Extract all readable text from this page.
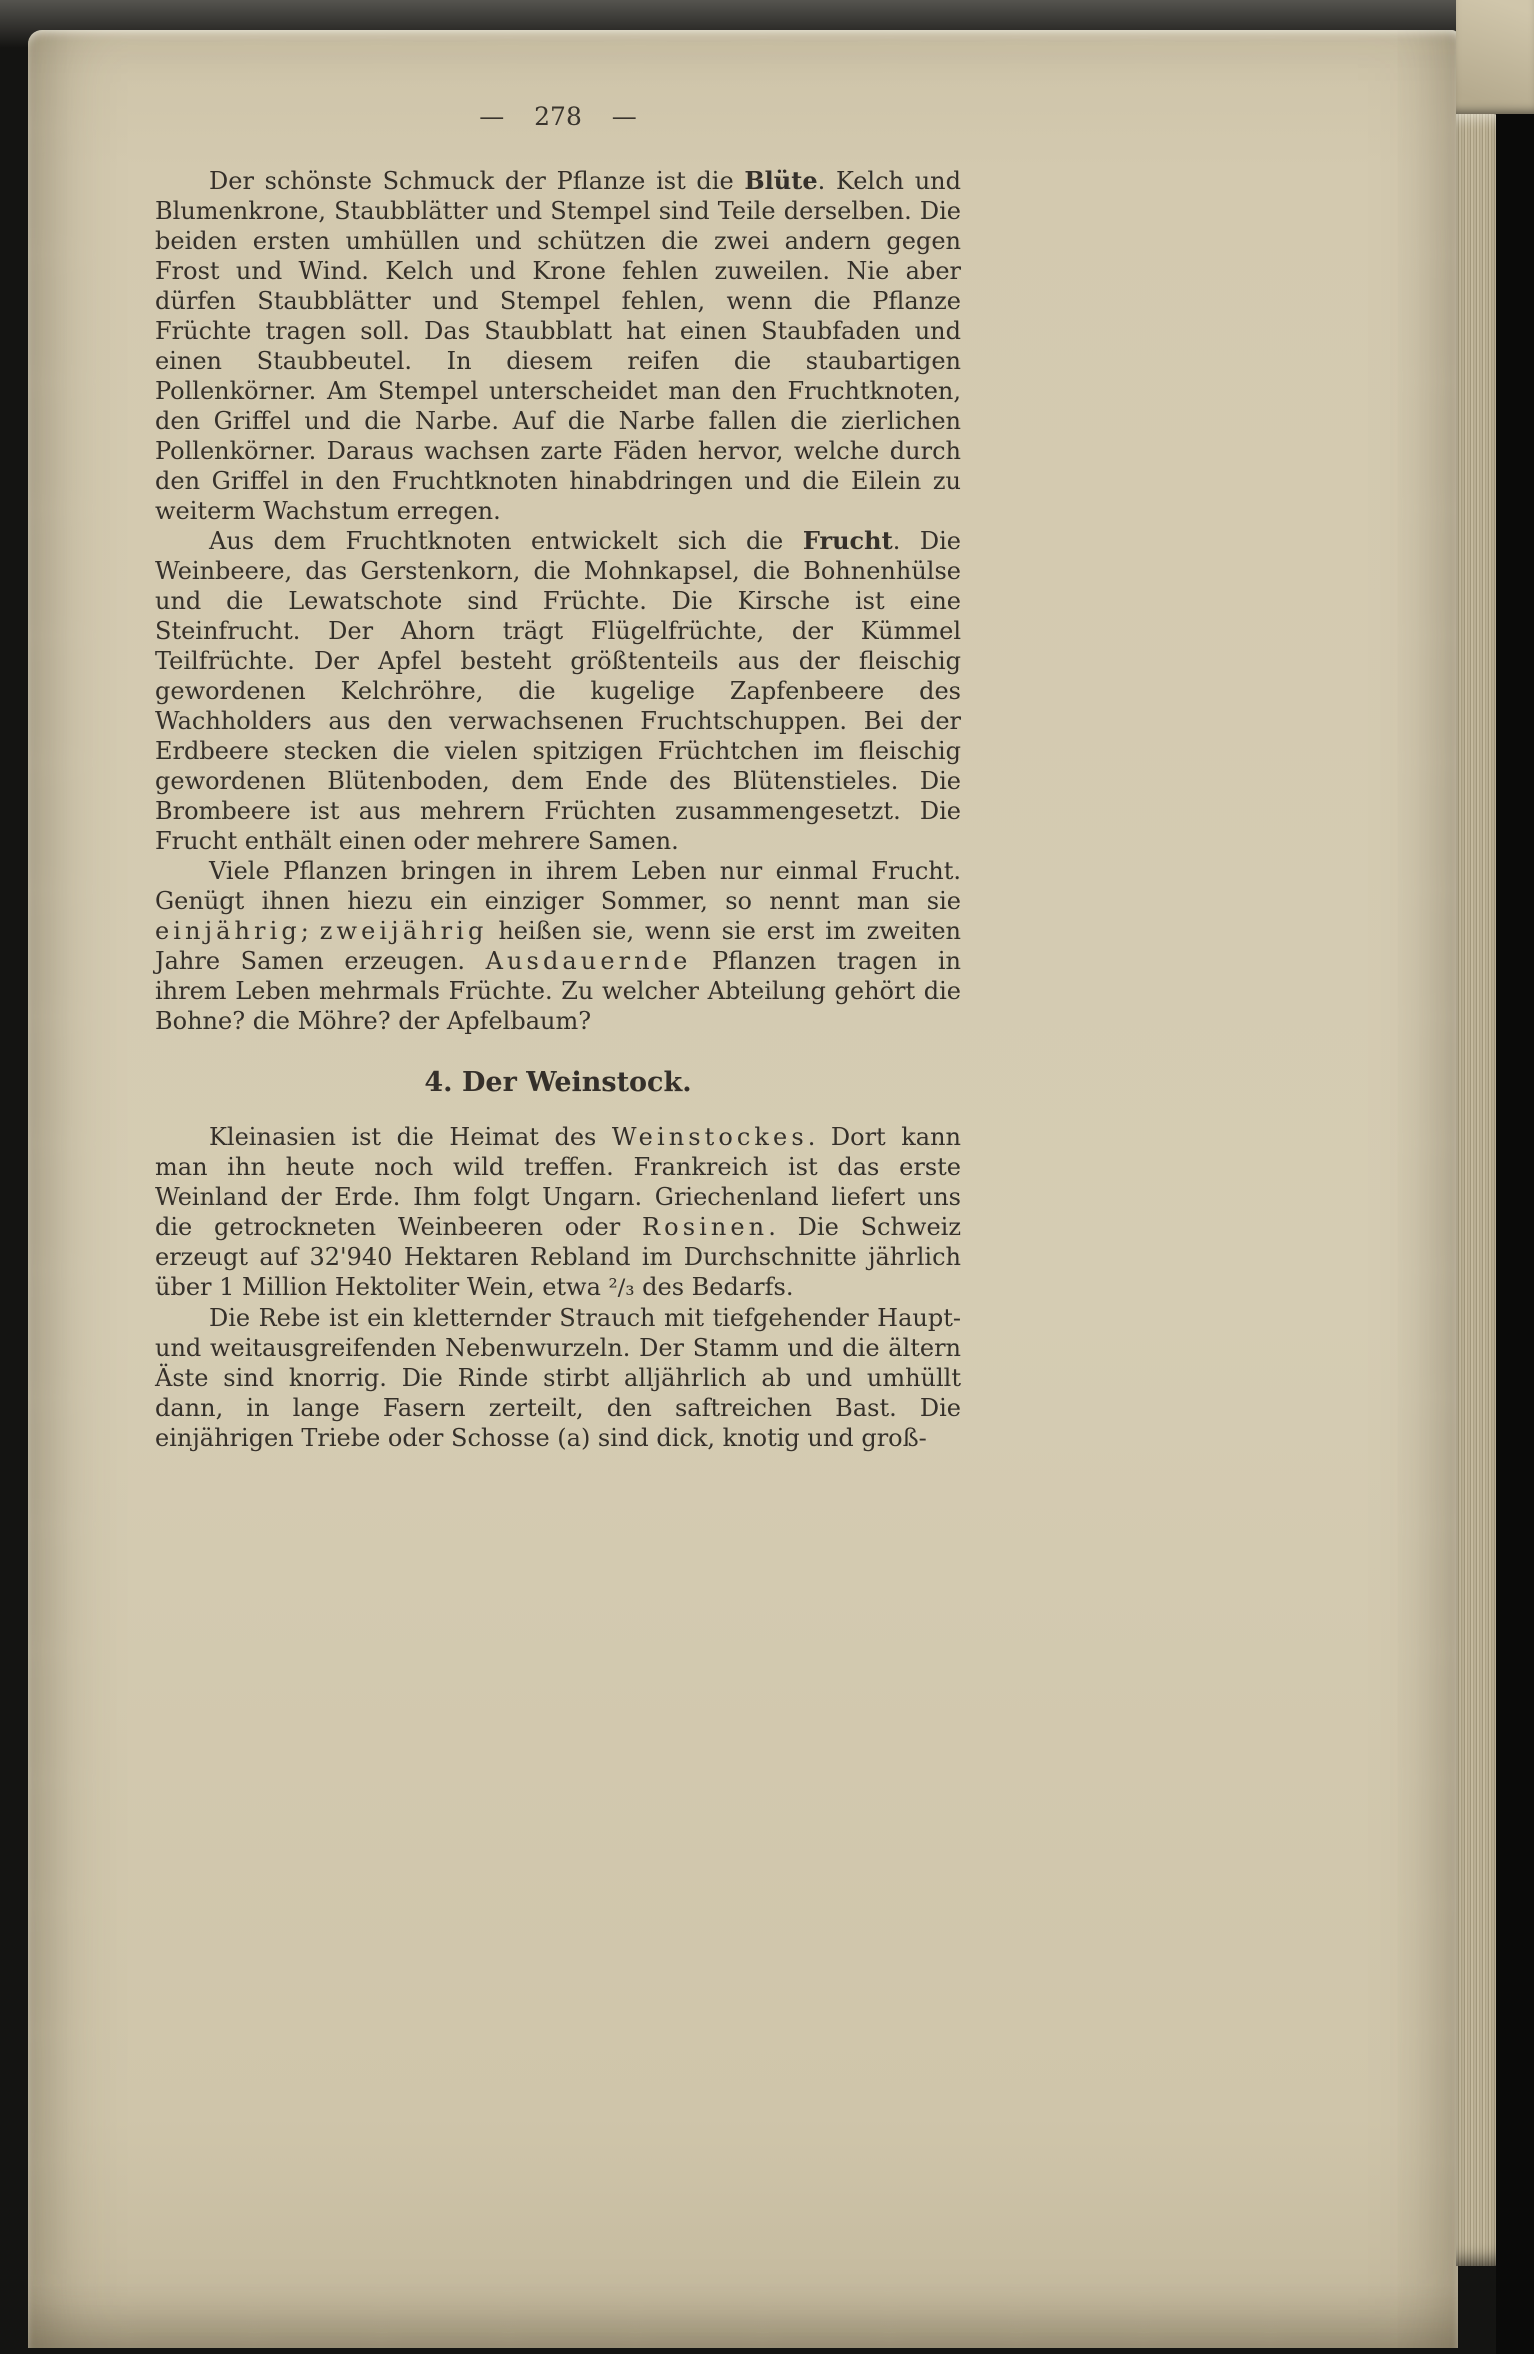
— 278 —

Der schönste Schmuck der Pflanze ist die Blüte. Kelch und Blumenkrone, Staubblätter und Stempel sind Teile derselben. Die beiden ersten umhüllen und schützen die zwei andern gegen Frost und Wind. Kelch und Krone fehlen zuweilen. Nie aber dürfen Staubblätter und Stempel fehlen, wenn die Pflanze Früchte tragen soll. Das Staubblatt hat einen Staubfaden und einen Staubbeutel. In diesem reifen die staubartigen Pollenkörner. Am Stempel unterscheidet man den Fruchtknoten, den Griffel und die Narbe. Auf die Narbe fallen die zierlichen Pollenkörner. Daraus wachsen zarte Fäden hervor, welche durch den Griffel in den Fruchtknoten hinabdringen und die Eilein zu weiterm Wachstum erregen.

Aus dem Fruchtknoten entwickelt sich die Frucht. Die Weinbeere, das Gerstenkorn, die Mohnkapsel, die Bohnenhülse und die Lewatschote sind Früchte. Die Kirsche ist eine Steinfrucht. Der Ahorn trägt Flügelfrüchte, der Kümmel Teilfrüchte. Der Apfel besteht größtenteils aus der fleischig gewordenen Kelchröhre, die kugelige Zapfenbeere des Wachholders aus den verwachsenen Fruchtschuppen. Bei der Erdbeere stecken die vielen spitzigen Früchtchen im fleischig gewordenen Blütenboden, dem Ende des Blütenstieles. Die Brombeere ist aus mehrern Früchten zusammengesetzt. Die Frucht enthält einen oder mehrere Samen.

Viele Pflanzen bringen in ihrem Leben nur einmal Frucht. Genügt ihnen hiezu ein einziger Sommer, so nennt man sie einjährig; zweijährig heißen sie, wenn sie erst im zweiten Jahre Samen erzeugen. Ausdauernde Pflanzen tragen in ihrem Leben mehrmals Früchte. Zu welcher Abteilung gehört die Bohne? die Möhre? der Apfelbaum?

4. Der Weinstock.

Kleinasien ist die Heimat des Weinstockes. Dort kann man ihn heute noch wild treffen. Frankreich ist das erste Weinland der Erde. Ihm folgt Ungarn. Griechenland liefert uns die getrockneten Weinbeeren oder Rosinen. Die Schweiz erzeugt auf 32'940 Hektaren Rebland im Durchschnitte jährlich über 1 Million Hektoliter Wein, etwa ²/₃ des Bedarfs.

Die Rebe ist ein kletternder Strauch mit tiefgehender Haupt- und weitausgreifenden Nebenwurzeln. Der Stamm und die ältern Äste sind knorrig. Die Rinde stirbt alljährlich ab und umhüllt dann, in lange Fasern zerteilt, den saftreichen Bast. Die einjährigen Triebe oder Schosse (a) sind dick, knotig und groß-
